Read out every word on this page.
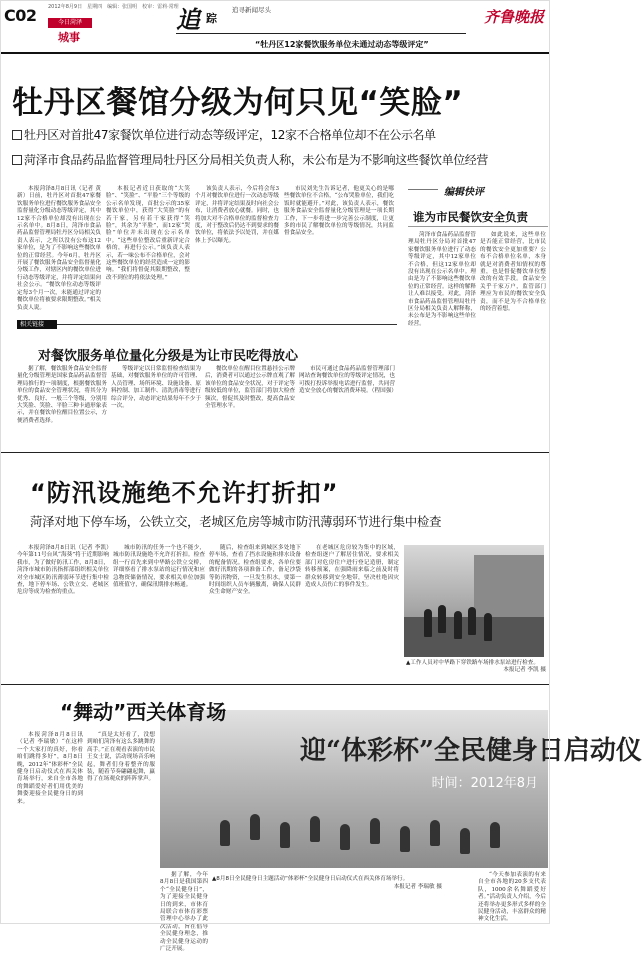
C02 2012年8月9日　星期四　编辑：张国明　校审：雷莉·常理
今日菏泽
城事
追 踪
追寻新闻尽头
“牡丹区12家餐饮服务单位未通过动态等级评定”
齐鲁晚报
牡丹区餐馆分级为何只见“笑脸”
牡丹区对首批47家餐饮单位进行动态等级评定，12家不合格单位却不在公示名单
菏泽市食品药品监督管理局牡丹区分局相关负责人称，未公布是为不影响这些餐饮单位经营

本报菏泽8月8日讯（记者 黄新）日前，牡丹区对首批47家餐饮服务单位进行餐饮服务食品安全监督量化分级动态等级评定，其中12家不合格单位却没有出现在公示名单中。8月8日，菏泽市食品药品监督管理局牡丹区分局相关负责人表示，之所以没有公布这12家单位，是为了不影响这些餐饮单位的正常经营。今年6月，牡丹区开展了餐饮服务食品安全监督量化分级工作，对辖区内的餐饮单位进行动态等级评定，并将评定结果向社会公示。“餐饮单位动态等级评定每3个月一次，未能通过评定的餐饮单位将被要求限期整改。”相关负责人说。

本报记者近日获取的“大笑脸”、“笑脸”、“平脸”三个等级的公示名单发现，首批公示的35家餐饮单位中，获得“大笑脸”的有若干家，另有若干家获得“笑脸”，其余为“平脸”，而12家“哭脸”单位并未出现在公示名单中。“这些单位整改后重新评定合格的，再进行公示。”该负责人表示，若一味公布不合格单位，会对这些餐饮单位的经营造成一定的影响。“我们将督促其限期整改，整改不到位的将依法处理。”

该负责人表示，今后将会每3个月对餐饮单位进行一次动态等级评定，并将评定结果及时向社会公布，让消费者放心就餐。同时，也将加大对不合格单位的监督检查力度，对于整改后仍达不到要求的餐饮单位，将依法予以处罚，并在媒体上予以曝光。

市民刘先生告诉记者，他更关心的是哪些餐饮单位不合格，“公布哭脸单位，我们吃饭时就能避开。”对此，该负责人表示，餐饮服务食品安全监督量化分级管理是一项长期工作，下一步将进一步完善公示制度，让更多的市民了解餐饮单位的等级情况，共同监督食品安全。

编辑快评
谁为市民餐饮安全负责

菏泽市食品药品监督管理局牡丹区分局对首批47家餐饮服务单位进行了动态等级评定，其中12家单位不合格，但这12家单位却没有出现在公示名单中。理由是为了不影响这些餐饮单位的正常经营。这样的解释让人难以接受。对此，菏泽市食品药品监督管理局牡丹区分局相关负责人解释称，未公布是为不影响这些单位经营。

如此说来，这些单位是否能正常经营，比市民的餐饮安全更加重要？公布不合格单位名单，本身就是对消费者知情权的尊重，也是督促餐饮单位整改的有效手段。食品安全关乎千家万户，监管部门理应为市民的餐饮安全负责，而不是为不合格单位的经营着想。

相关链接
对餐饮服务单位量化分级是为让市民吃得放心

据了解，餐饮服务食品安全监督量化分级管理是国家食品药品监督管理局推行的一项制度，根据餐饮服务单位的食品安全管理状况，将其分为优秀、良好、一般三个等级，分别用大笑脸、笑脸、平脸三种卡通形象表示，并在餐饮单位醒目位置公示，方便消费者选择。

等级评定以日常监督检查结果为基础，对餐饮服务单位的许可管理、人员管理、场所环境、设施设备、原料控制、加工制作、清洗消毒等进行综合评分，动态评定结果每年不少于一次。

餐饮单位在醒目位置悬挂公示牌后，消费者可以通过公示牌直观了解该单位的食品安全状况，对于评定等级较低的单位，监管部门将加大检查频次，督促其及时整改，提高食品安全管理水平。

市民可通过食品药品监督管理部门网站查询餐饮单位的等级评定情况，也可拨打投诉举报电话进行监督，共同营造安全放心的餐饮消费环境。（程国强）

“防汛设施绝不允许打折扣”
菏泽对地下停车场，公铁立交，老城区危房等城市防汛薄弱环节进行集中检查

本报菏泽8月8日讯（记者 李凯）今年第11号台风“海葵”将于近期影响我市，为了做好防汛工作，8月8日，菏泽市城市防汛指挥部组织相关单位对全市城区防汛薄弱环节进行集中检查，地下停车场、公铁立交、老城区危房等成为检查的重点。

城市防汛的任务一个也不能少，城市防汛设施绝不允许打折扣。检查组一行首先来到中华路公铁立交桥，详细察看了排水泵站的运行情况和应急物资储备情况，要求相关单位加强值班值守，确保汛期排水畅通。

随后，检查组来到城区多处地下停车场，查看了挡水设施和排水设备的配备情况。检查组要求，各单位要做好汛期的各项准备工作，备足沙袋等防汛物资，一旦发生积水，要第一时间组织人员车辆撤离，确保人民群众生命财产安全。

在老城区危房较为集中的区域，检查组逐户了解居住情况，要求相关部门对危房住户进行登记造册，制定转移预案，在强降雨来临之前及时将群众转移到安全地带，坚决杜绝因灾造成人员伤亡的事件发生。

▲工作人员对中华路下穿铁路车场排水泵站进行检查。
本报记者 李凯 摄
迎“体彩杯”全民健身日启动仪
时间：2012年8月
“舞动”西关体育场

本报菏泽8月8日讯（记者 李瑞敏）“在这样一个大家打的真好，你看咱们跳得多好”，8月8日晚，2012年“体彩杯”全民健身日启动仪式在西关体育场举行，来自全市各地的舞蹈爱好者们用优美的舞姿迎接全民健身日的到来。

“真是太好看了，没想到咱们菏泽有这么多跳舞的高手。”正在观看表演的市民王女士说，活动现场音乐响起，舞者们身着整齐的服装，随着节奏翩翩起舞，赢得了在场观众的阵阵掌声。

据了解，今年8月8日是我国第四个“全民健身日”，为了迎接全民健身日的到来，市体育局联合市体育彩票管理中心举办了此次活动，旨在倡导全民健身理念，推动全民健身运动的广泛开展。

“今天参加表演的有来自全市各地的20多支代表队，1000余名舞蹈爱好者。”活动负责人介绍，今后还将举办更多形式多样的全民健身活动，丰富群众的精神文化生活。

▲8月8日全民健身日主题活动“体彩杯”全民健身日启动仪式在西关体育场举行。
本报记者 李瑞敏 摄
